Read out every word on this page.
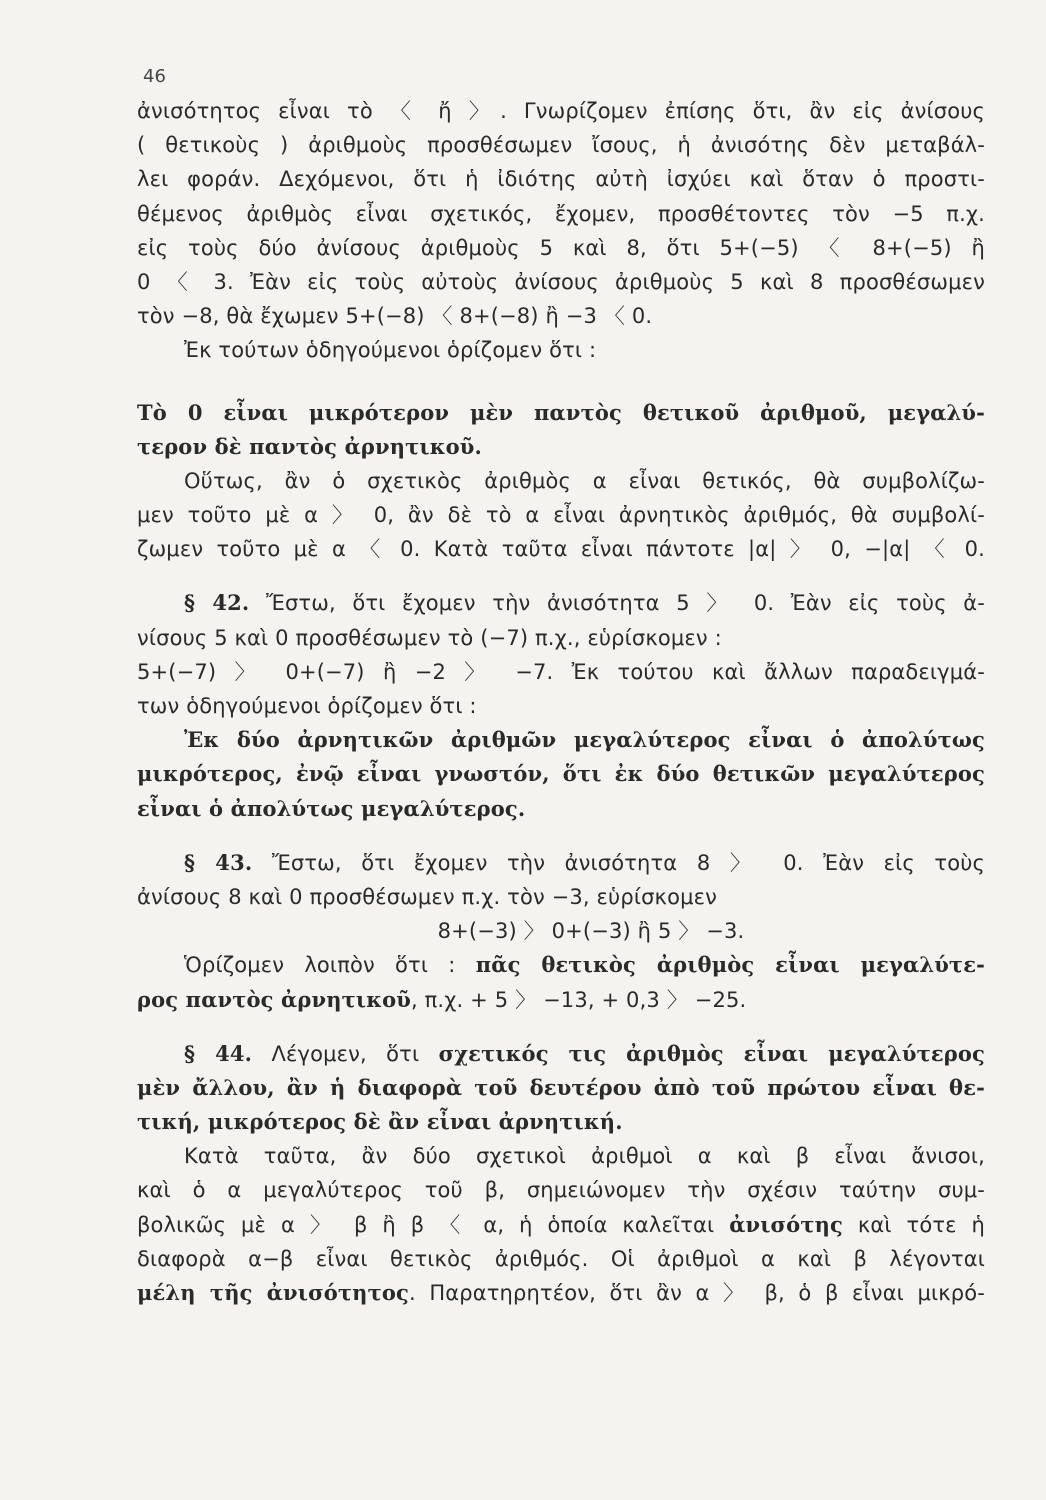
46
ἀνισότητος εἶναι τὸ 〈 ἤ 〉. Γνωρίζομεν ἐπίσης ὅτι, ἂν εἰς ἀνίσους
( θετικοὺς ) ἀριθμοὺς προσθέσωμεν ἴσους, ἡ ἀνισότης δὲν μεταβάλ-
λει φοράν. Δεχόμενοι, ὅτι ἡ ἰδιότης αὐτὴ ἰσχύει καὶ ὅταν ὁ προστι-
θέμενος ἀριθμὸς εἶναι σχετικός, ἔχομεν, προσθέτοντες τὸν −5 π.χ.
εἰς τοὺς δύο ἀνίσους ἀριθμοὺς 5 καὶ 8, ὅτι 5+(−5) 〈 8+(−5) ἢ
0 〈 3. Ἐὰν εἰς τοὺς αὐτοὺς ἀνίσους ἀριθμοὺς 5 καὶ 8 προσθέσωμεν
τὸν −8, θὰ ἔχωμεν 5+(−8) 〈 8+(−8) ἢ −3 〈 0.
Ἐκ τούτων ὁδηγούμενοι ὁρίζομεν ὅτι :
Τὸ 0 εἶναι μικρότερον μὲν παντὸς θετικοῦ ἀριθμοῦ, μεγαλύ-
τερον δὲ παντὸς ἀρνητικοῦ.
Οὕτως, ἂν ὁ σχετικὸς ἀριθμὸς α εἶναι θετικός, θὰ συμβολίζω-
μεν τοῦτο μὲ α 〉 0, ἂν δὲ τὸ α εἶναι ἀρνητικὸς ἀριθμός, θὰ συμβολί-
ζωμεν τοῦτο μὲ α 〈 0. Κατὰ ταῦτα εἶναι πάντοτε |α| 〉 0, −|α| 〈 0.
§ 42. Ἔστω, ὅτι ἔχομεν τὴν ἀνισότητα 5 〉 0. Ἐὰν εἰς τοὺς ἀ-
νίσους 5 καὶ 0 προσθέσωμεν τὸ (−7) π.χ., εὑρίσκομεν :
5+(−7) 〉 0+(−7) ἢ −2 〉 −7. Ἐκ τούτου καὶ ἄλλων παραδειγμά-
των ὁδηγούμενοι ὁρίζομεν ὅτι :
Ἐκ δύο ἀρνητικῶν ἀριθμῶν μεγαλύτερος εἶναι ὁ ἀπολύτως
μικρότερος, ἐνῷ εἶναι γνωστόν, ὅτι ἐκ δύο θετικῶν μεγαλύτερος
εἶναι ὁ ἀπολύτως μεγαλύτερος.
§ 43. Ἔστω, ὅτι ἔχομεν τὴν ἀνισότητα 8 〉 0. Ἐὰν εἰς τοὺς
ἀνίσους 8 καὶ 0 προσθέσωμεν π.χ. τὸν −3, εὑρίσκομεν
8+(−3) 〉 0+(−3) ἢ 5 〉 −3.
Ὁρίζομεν λοιπὸν ὅτι : πᾶς θετικὸς ἀριθμὸς εἶναι μεγαλύτε-
ρος παντὸς ἀρνητικοῦ, π.χ. + 5 〉 −13, + 0,3 〉 −25.
§ 44. Λέγομεν, ὅτι σχετικός τις ἀριθμὸς εἶναι μεγαλύτερος
μὲν ἄλλου, ἂν ἡ διαφορὰ τοῦ δευτέρου ἀπὸ τοῦ πρώτου εἶναι θε-
τική, μικρότερος δὲ ἂν εἶναι ἀρνητική.
Κατὰ ταῦτα, ἂν δύο σχετικοὶ ἀριθμοὶ α καὶ β εἶναι ἄνισοι,
καὶ ὁ α μεγαλύτερος τοῦ β, σημειώνομεν τὴν σχέσιν ταύτην συμ-
βολικῶς μὲ α 〉 β ἢ β 〈 α, ἡ ὁποία καλεῖται ἀνισότης καὶ τότε ἡ
διαφορὰ α−β εἶναι θετικὸς ἀριθμός. Οἱ ἀριθμοὶ α καὶ β λέγονται
μέλη τῆς ἀνισότητος. Παρατηρητέον, ὅτι ἂν α 〉 β, ὁ β εἶναι μικρό-
